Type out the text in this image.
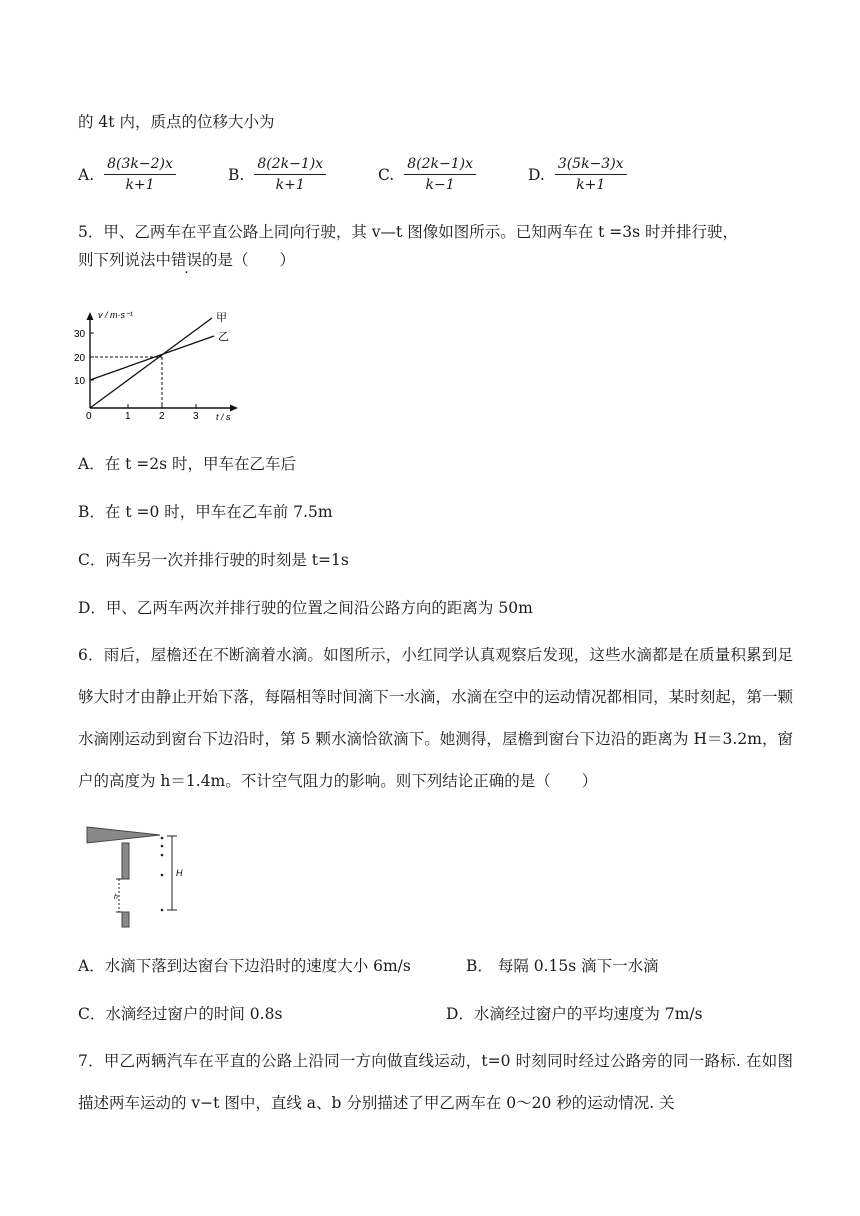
的 4t 内，质点的位移大小为
A. $\frac{8(3k-2)x}{k+1}$	B. $\frac{8(2k-1)x}{k+1}$	C. $\frac{8(2k-1)x}{k-1}$	D. $\frac{3(5k-3)x}{k+1}$
5．甲、乙两车在平直公路上同向行驶，其 v—t 图像如图所示。已知两车在 t =3s 时并排行驶，
则下列说法中错误的是（　　）
甲
乙
v / m·s⁻¹
t / s
10
20
30
0	1	2	3
A．在 t =2s 时，甲车在乙车后
B．在 t =0 时，甲车在乙车前 7.5m
C．两车另一次并排行驶的时刻是 t=1s
D．甲、乙两车两次并排行驶的位置之间沿公路方向的距离为 50m
6．雨后，屋檐还在不断滴着水滴。如图所示，小红同学认真观察后发现，这些水滴都是在质量积累到足够大时才由静止开始下落，每隔相等时间滴下一水滴，水滴在空中的运动情况都相同，某时刻起，第一颗水滴刚运动到窗台下边沿时，第 5 颗水滴恰欲滴下。她测得，屋檐到窗台下边沿的距离为 H＝3.2m，窗户的高度为 h＝1.4m。不计空气阻力的影响。则下列结论正确的是（　　）
H
h
A．水滴下落到达窗台下边沿时的速度大小 6m/s	B． 每隔 0.15s 滴下一水滴
C．水滴经过窗户的时间 0.8s	D．水滴经过窗户的平均速度为 7m/s
7．甲乙两辆汽车在平直的公路上沿同一方向做直线运动，t=0 时刻同时经过公路旁的同一路标. 在如图描述两车运动的 v−t 图中，直线 a、b 分别描述了甲乙两车在 0～20 秒的运动情况. 关
